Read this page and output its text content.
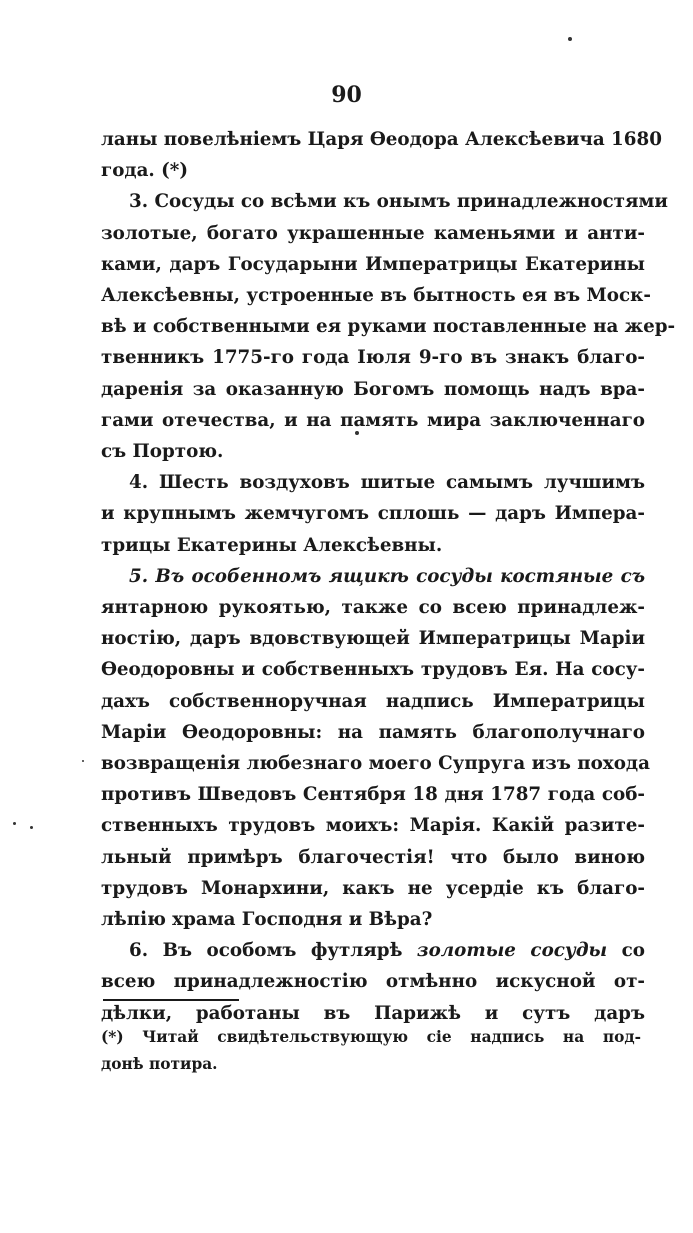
90

ланы повелѣніемъ Царя Ѳеодора Алексѣевича 1680
года. (*)

3. Сосуды со всѣми къ онымъ принадлежностями
золотые, богато украшенные каменьями и анти-
ками, даръ Государыни Императрицы Екатерины
Алексѣевны, устроенные въ бытность ея въ Моск-
вѣ и собственными ея руками поставленные на жер-
твенникъ 1775-го года Іюля 9-го въ знакъ благо-
даренія за оказанную Богомъ помощь надъ вра-
гами отечества, и на память мира заключеннаго
съ Портою.

4. Шесть воздуховъ шитые самымъ лучшимъ
и крупнымъ жемчугомъ сплошь — даръ Импера-
трицы Екатерины Алексѣевны.

5. Въ особенномъ ящикѣ сосуды костяные съ
янтарною рукоятью, также со всею принадлеж-
ностію, даръ вдовствующей Императрицы Маріи
Ѳеодоровны и собственныхъ трудовъ Ея. На сосу-
дахъ собственноручная надпись Императрицы
Маріи Ѳеодоровны: на память благополучнаго
возвращенія любезнаго моего Супруга изъ похода
противъ Шведовъ Сентября 18 дня 1787 года соб-
ственныхъ трудовъ моихъ: Марія. Какій разите-
льный примѣръ благочестія! что было виною
трудовъ Монархини, какъ не усердіе къ благо-
лѣпію храма Господня и Вѣра?

6. Въ особомъ футлярѣ золотые сосуды со
всею принадлежностію отмѣнно искусной от-
дѣлки, работаны въ Парижѣ и сутъ даръ

(*) Читай свидѣтельствующую сіе надпись на под-
донѣ потира.
